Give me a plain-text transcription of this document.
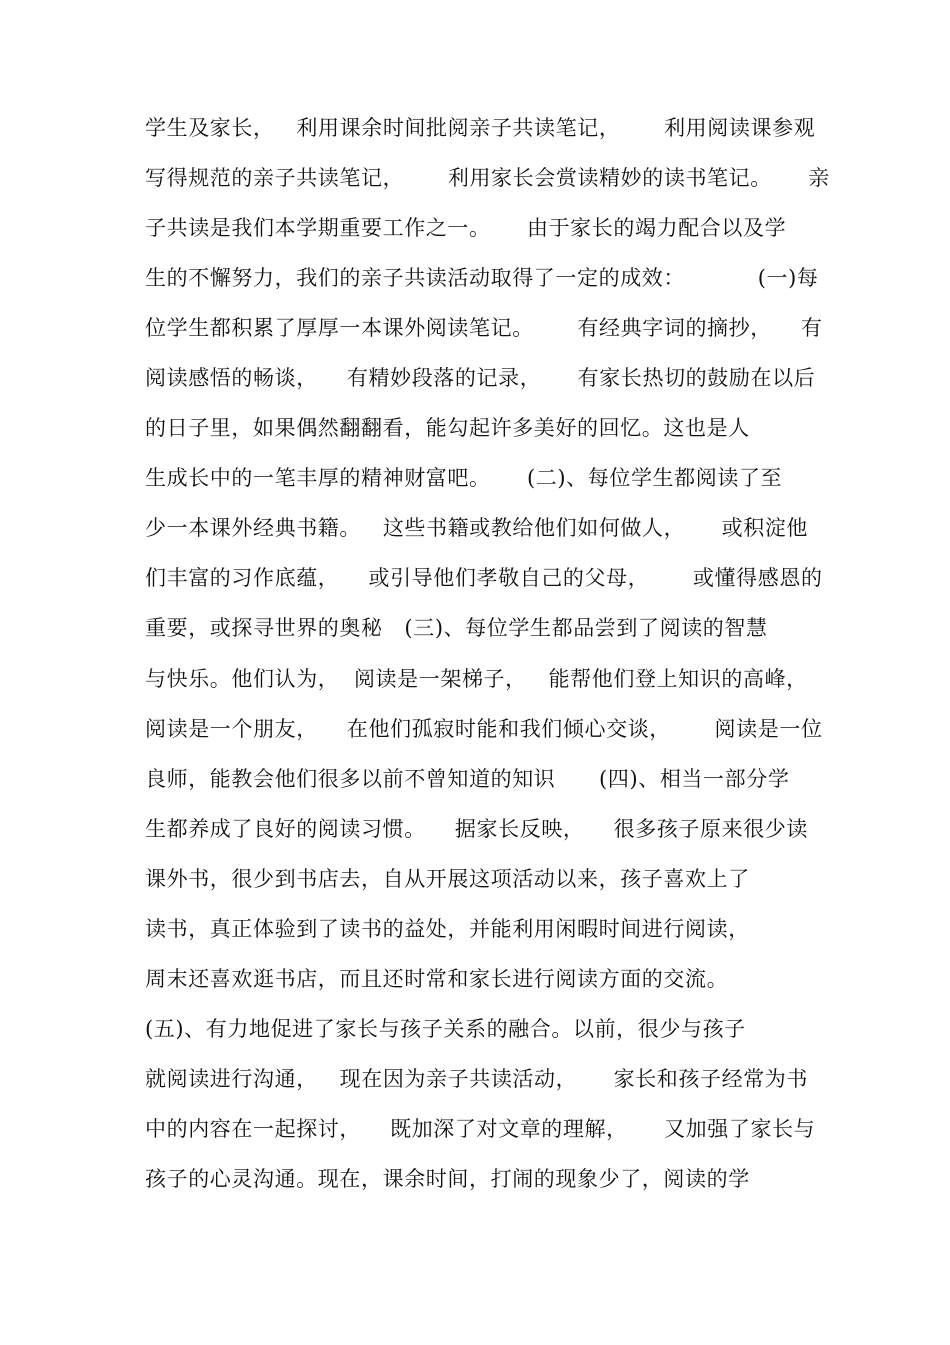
学生及家长，   利用课余时间批阅亲子共读笔记，      利用阅读课参观
写得规范的亲子共读笔记，      利用家长会赏读精妙的读书笔记。     亲
子共读是我们本学期重要工作之一。     由于家长的竭力配合以及学
生的不懈努力，我们的亲子共读活动取得了一定的成效：          (一)每
位学生都积累了厚厚一本课外阅读笔记。      有经典字词的摘抄，    有
阅读感悟的畅谈，    有精妙段落的记录，     有家长热切的鼓励在以后
的日子里，如果偶然翻翻看，能勾起许多美好的回忆。这也是人
生成长中的一笔丰厚的精神财富吧。     (二)、每位学生都阅读了至
少一本课外经典书籍。   这些书籍或教给他们如何做人，     或积淀他
们丰富的习作底蕴，    或引导他们孝敬自己的父母，      或懂得感恩的
重要，或探寻世界的奥秘   (三)、每位学生都品尝到了阅读的智慧
与快乐。他们认为，  阅读是一架梯子，   能帮他们登上知识的高峰，
阅读是一个朋友，    在他们孤寂时能和我们倾心交谈，      阅读是一位
良师，能教会他们很多以前不曾知道的知识      (四)、相当一部分学
生都养成了良好的阅读习惯。    据家长反映，    很多孩子原来很少读
课外书，很少到书店去，自从开展这项活动以来，孩子喜欢上了
读书，真正体验到了读书的益处，并能利用闲暇时间进行阅读，
周末还喜欢逛书店，而且还时常和家长进行阅读方面的交流。
(五)、有力地促进了家长与孩子关系的融合。以前，很少与孩子
就阅读进行沟通，   现在因为亲子共读活动，     家长和孩子经常为书
中的内容在一起探讨，    既加深了对文章的理解，     又加强了家长与
孩子的心灵沟通。现在，课余时间，打闹的现象少了，阅读的学
